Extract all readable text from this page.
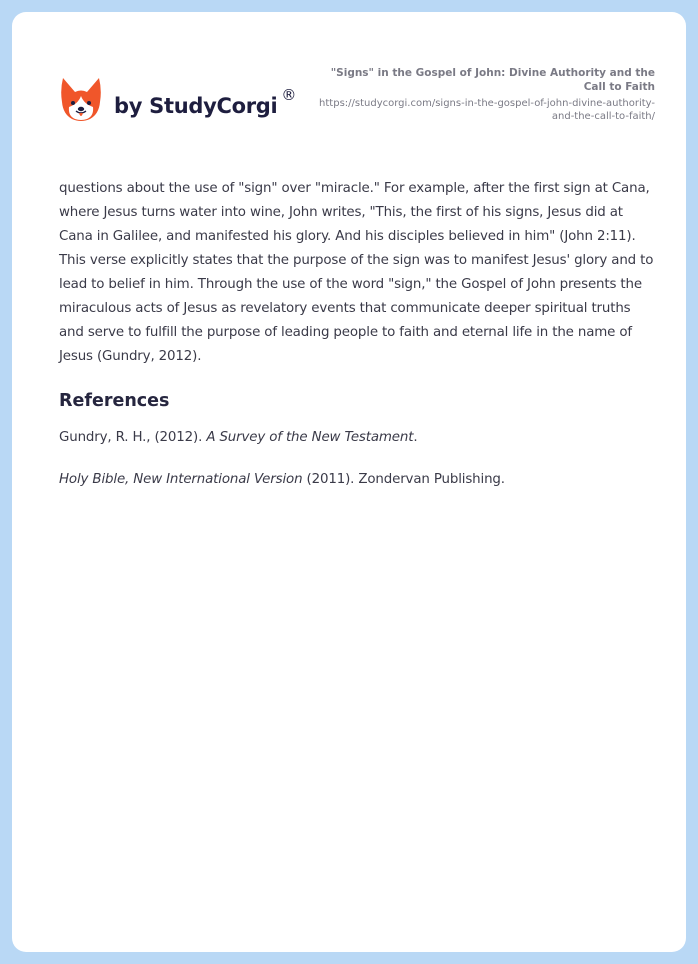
by StudyCorgi ®
"Signs" in the Gospel of John: Divine Authority and the Call to Faith
https://studycorgi.com/signs-in-the-gospel-of-john-divine-authority-and-the-call-to-faith/

questions about the use of "sign" over "miracle." For example, after the first sign at Cana, where Jesus turns water into wine, John writes, "This, the first of his signs, Jesus did at Cana in Galilee, and manifested his glory. And his disciples believed in him" (John 2:11). This verse explicitly states that the purpose of the sign was to manifest Jesus' glory and to lead to belief in him. Through the use of the word "sign," the Gospel of John presents the miraculous acts of Jesus as revelatory events that communicate deeper spiritual truths and serve to fulfill the purpose of leading people to faith and eternal life in the name of Jesus (Gundry, 2012).

References

Gundry, R. H., (2012). A Survey of the New Testament.

Holy Bible, New International Version (2011). Zondervan Publishing.
